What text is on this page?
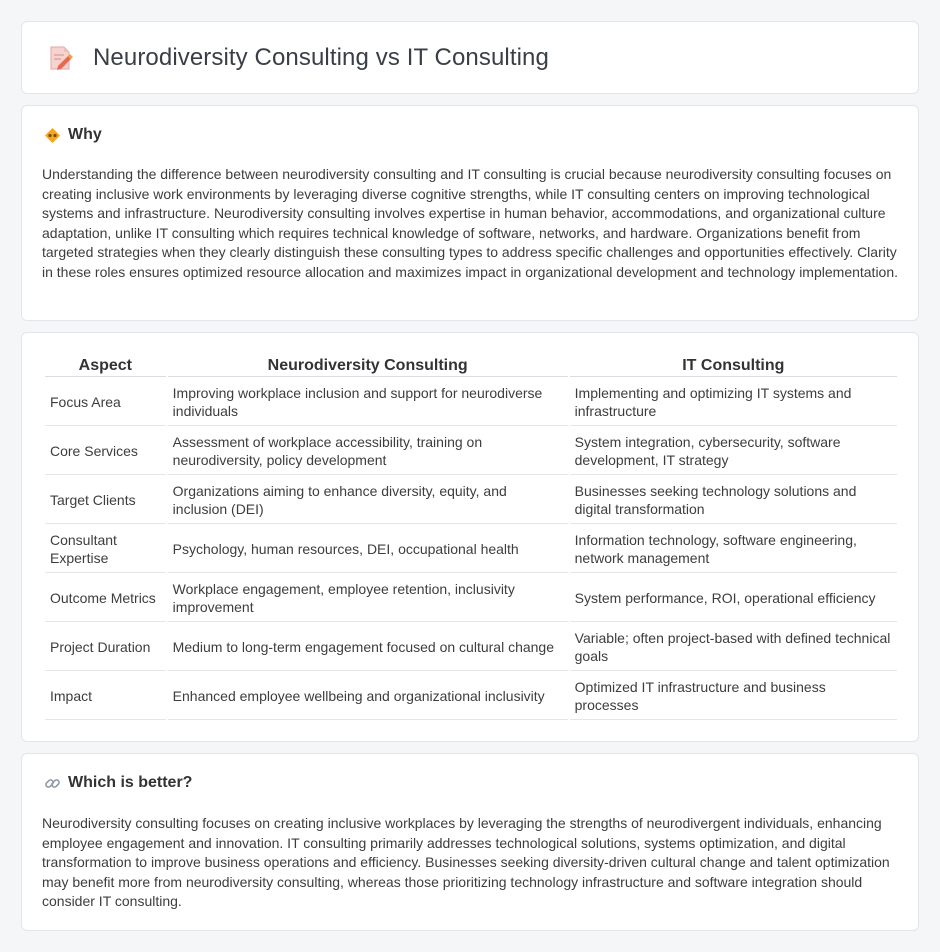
Neurodiversity Consulting vs IT Consulting
Why

Understanding the difference between neurodiversity consulting and IT consulting is crucial because neurodiversity consulting focuses on creating inclusive work environments by leveraging diverse cognitive strengths, while IT consulting centers on improving technological systems and infrastructure. Neurodiversity consulting involves expertise in human behavior, accommodations, and organizational culture adaptation, unlike IT consulting which requires technical knowledge of software, networks, and hardware. Organizations benefit from targeted strategies when they clearly distinguish these consulting types to address specific challenges and opportunities effectively. Clarity in these roles ensures optimized resource allocation and maximizes impact in organizational development and technology implementation.

Aspect	Neurodiversity Consulting	IT Consulting
Focus Area	Improving workplace inclusion and support for neurodiverse individuals	Implementing and optimizing IT systems and infrastructure
Core Services	Assessment of workplace accessibility, training on neurodiversity, policy development	System integration, cybersecurity, software development, IT strategy
Target Clients	Organizations aiming to enhance diversity, equity, and inclusion (DEI)	Businesses seeking technology solutions and digital transformation
Consultant Expertise	Psychology, human resources, DEI, occupational health	Information technology, software engineering, network management
Outcome Metrics	Workplace engagement, employee retention, inclusivity improvement	System performance, ROI, operational efficiency
Project Duration	Medium to long-term engagement focused on cultural change	Variable; often project-based with defined technical goals
Impact	Enhanced employee wellbeing and organizational inclusivity	Optimized IT infrastructure and business processes
Which is better?

Neurodiversity consulting focuses on creating inclusive workplaces by leveraging the strengths of neurodivergent individuals, enhancing employee engagement and innovation. IT consulting primarily addresses technological solutions, systems optimization, and digital transformation to improve business operations and efficiency. Businesses seeking diversity-driven cultural change and talent optimization may benefit more from neurodiversity consulting, whereas those prioritizing technology infrastructure and software integration should consider IT consulting.
